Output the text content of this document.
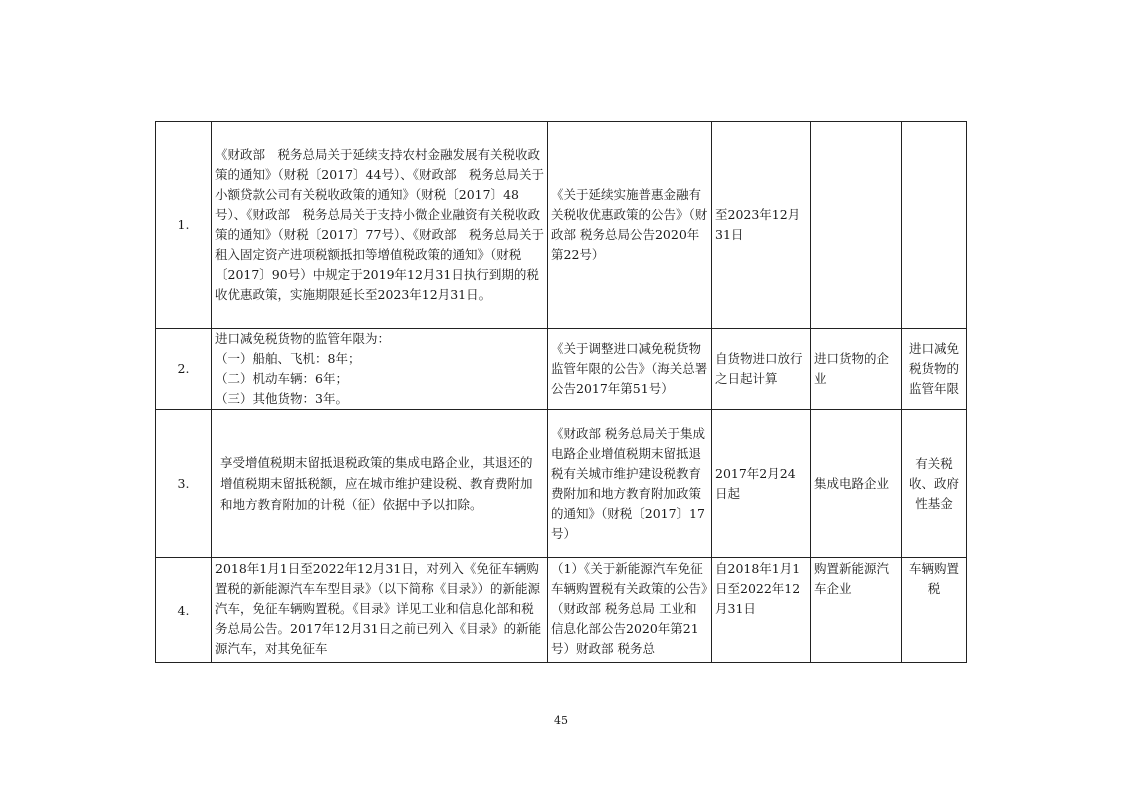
1.	《财政部　税务总局关于延续支持农村金融发展有关税收政策的通知》（财税〔2017〕44号）、《财政部　税务总局关于小额贷款公司有关税收政策的通知》（财税〔2017〕48号）、《财政部　税务总局关于支持小微企业融资有关税收政策的通知》（财税〔2017〕77号）、《财政部　税务总局关于租入固定资产进项税额抵扣等增值税政策的通知》（财税〔2017〕90号）中规定于2019年12月31日执行到期的税收优惠政策，实施期限延长至2023年12月31日。	《关于延续实施普惠金融有关税收优惠政策的公告》（财政部 税务总局公告2020年第22号）	至2023年12月31日		
2.	进口减免税货物的监管年限为：
（一）船舶、飞机：8年；
（二）机动车辆：6年；
（三）其他货物：3年。	《关于调整进口减免税货物监管年限的公告》（海关总署公告2017年第51号）	自货物进口放行之日起计算	进口货物的企业	进口减免税货物的监管年限
3.	享受增值税期末留抵退税政策的集成电路企业，其退还的增值税期末留抵税额，应在城市维护建设税、教育费附加和地方教育附加的计税（征）依据中予以扣除。	《财政部 税务总局关于集成电路企业增值税期末留抵退税有关城市维护建设税教育费附加和地方教育附加政策的通知》（财税〔2017〕17号）	2017年2月24日起	集成电路企业	有关税收、政府性基金
4.	2018年1月1日至2022年12月31日，对列入《免征车辆购置税的新能源汽车车型目录》（以下简称《目录》）的新能源汽车，免征车辆购置税。《目录》详见工业和信息化部和税务总局公告。2017年12月31日之前已列入《目录》的新能源汽车，对其免征车	（1）《关于新能源汽车免征车辆购置税有关政策的公告》（财政部 税务总局 工业和信息化部公告2020年第21号）财政部 税务总	自2018年1月1日至2022年12月31日	购置新能源汽车企业	车辆购置税
45
